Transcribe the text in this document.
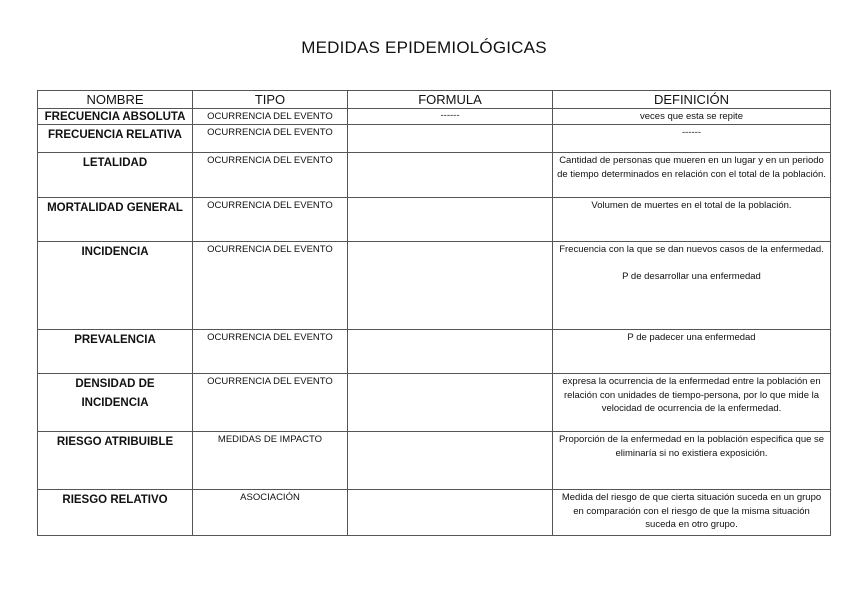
MEDIDAS EPIDEMIOLÓGICAS
NOMBRE	TIPO	FORMULA	DEFINICIÓN
FRECUENCIA ABSOLUTA	OCURRENCIA DEL EVENTO	------	veces que esta se repite
FRECUENCIA RELATIVA	OCURRENCIA DEL EVENTO		------
LETALIDAD	OCURRENCIA DEL EVENTO		Cantidad de personas que mueren en un lugar y en un periodo de tiempo determinados en relación con el total de la población.
MORTALIDAD GENERAL	OCURRENCIA DEL EVENTO		Volumen de muertes en el total de la población.
INCIDENCIA	OCURRENCIA DEL EVENTO		Frecuencia con la que se dan nuevos casos de la enfermedad.
P de desarrollar una enfermedad
PREVALENCIA	OCURRENCIA DEL EVENTO		P de padecer una enfermedad
DENSIDAD DE INCIDENCIA	OCURRENCIA DEL EVENTO		expresa la ocurrencia de la enfermedad entre la población en relación con unidades de tiempo-persona, por lo que mide la velocidad de ocurrencia de la enfermedad.
RIESGO ATRIBUIBLE	MEDIDAS DE IMPACTO		Proporción de la enfermedad en la población especifica que se eliminaría si no existiera exposición.
RIESGO RELATIVO	ASOCIACIÓN		Medida del riesgo de que cierta situación suceda en un grupo en comparación con el riesgo de que la misma situación suceda en otro grupo.
